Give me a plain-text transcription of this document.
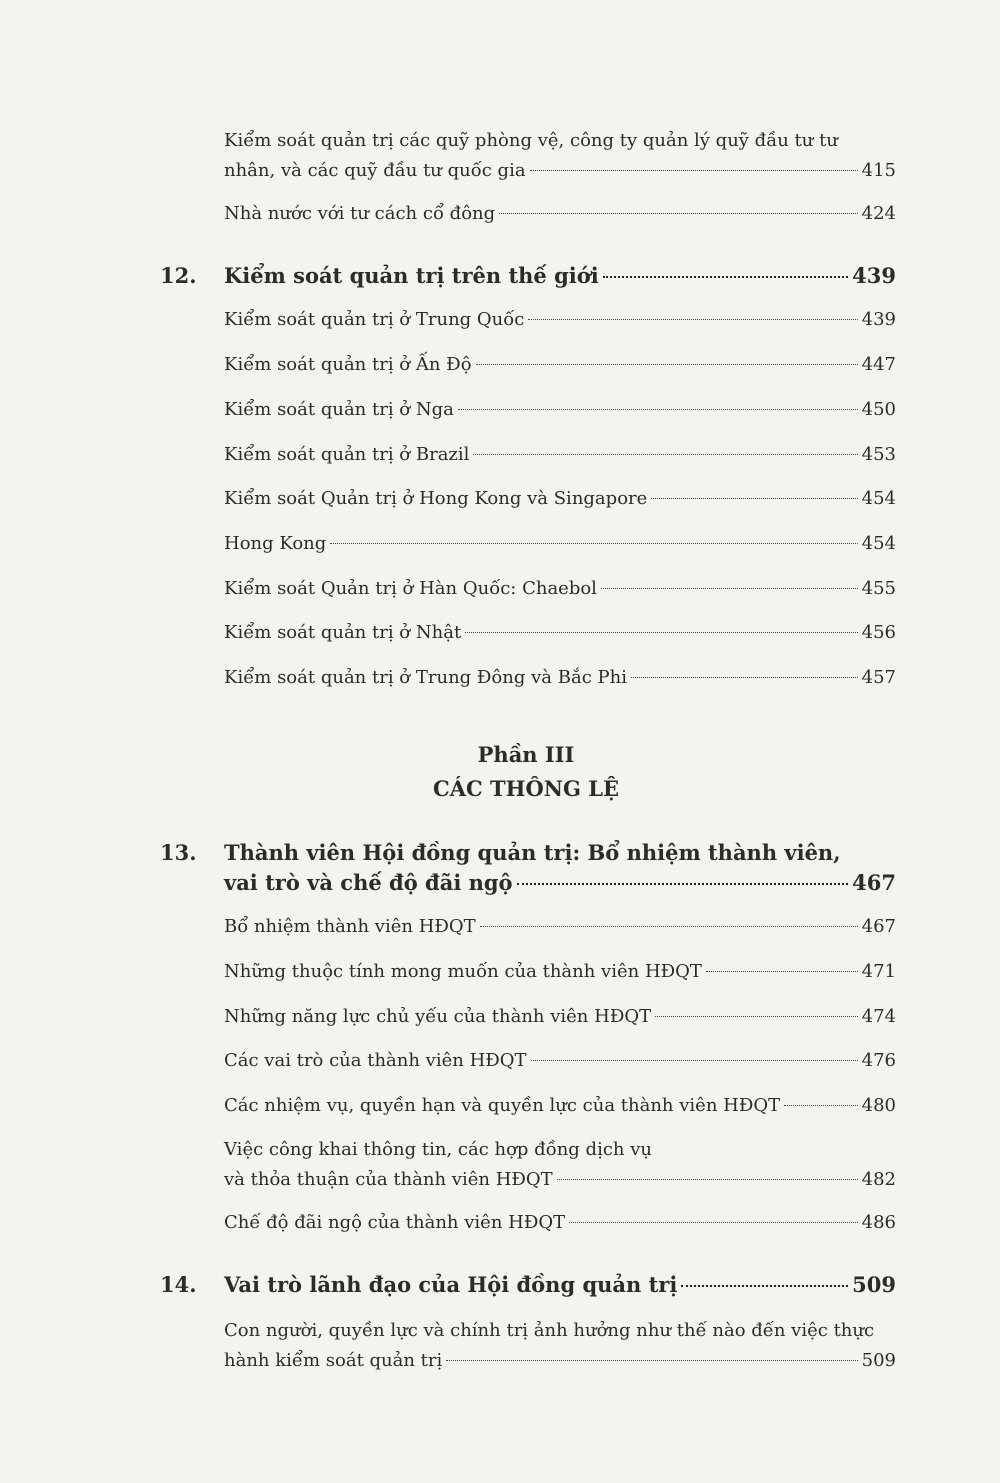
Kiểm soát quản trị các quỹ phòng vệ, công ty quản lý quỹ đầu tư tư
nhân, và các quỹ đầu tư quốc gia	415
Nhà nước với tư cách cổ đông	424
12. Kiểm soát quản trị trên thế giới	439
Kiểm soát quản trị ở Trung Quốc	439
Kiểm soát quản trị ở Ấn Độ	447
Kiểm soát quản trị ở Nga	450
Kiểm soát quản trị ở Brazil	453
Kiểm soát Quản trị ở Hong Kong và Singapore	454
Hong Kong	454
Kiểm soát Quản trị ở Hàn Quốc: Chaebol	455
Kiểm soát quản trị ở Nhật	456
Kiểm soát quản trị ở Trung Đông và Bắc Phi	457
Phần III
CÁC THÔNG LỆ
13. Thành viên Hội đồng quản trị: Bổ nhiệm thành viên,
vai trò và chế độ đãi ngộ	467
Bổ nhiệm thành viên HĐQT	467
Những thuộc tính mong muốn của thành viên HĐQT	471
Những năng lực chủ yếu của thành viên HĐQT	474
Các vai trò của thành viên HĐQT	476
Các nhiệm vụ, quyền hạn và quyền lực của thành viên HĐQT	480
Việc công khai thông tin, các hợp đồng dịch vụ
và thỏa thuận của thành viên HĐQT	482
Chế độ đãi ngộ của thành viên HĐQT	486
14. Vai trò lãnh đạo của Hội đồng quản trị	509
Con người, quyền lực và chính trị ảnh hưởng như thế nào đến việc thực
hành kiểm soát quản trị	509
